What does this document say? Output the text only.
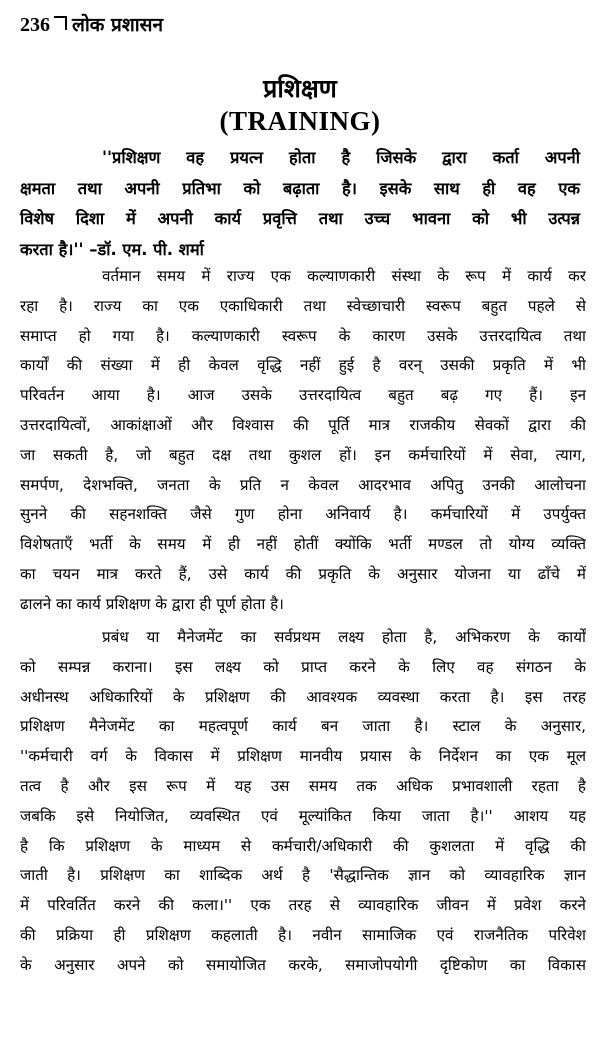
236 लोक प्रशासन
प्रशिक्षण
(TRAINING)
''प्रशिक्षण वह प्रयत्न होता है जिसके द्वारा कर्ता अपनी
क्षमता तथा अपनी प्रतिभा को बढ़ाता है। इसके साथ ही वह एक
विशेष दिशा में अपनी कार्य प्रवृत्ति तथा उच्च भावना को भी उत्पन्न
करता है।'' –डॉ. एम. पी. शर्मा
वर्तमान समय में राज्य एक कल्याणकारी संस्था के रूप में कार्य कर
रहा है। राज्य का एक एकाधिकारी तथा स्वेच्छाचारी स्वरूप बहुत पहले से
समाप्त हो गया है। कल्याणकारी स्वरूप के कारण उसके उत्तरदायित्व तथा
कार्यों की संख्या में ही केवल वृद्धि नहीं हुई है वरन् उसकी प्रकृति में भी
परिवर्तन आया है। आज उसके उत्तरदायित्व बहुत बढ़ गए हैं। इन
उत्तरदायित्वों, आकांक्षाओं और विश्वास की पूर्ति मात्र राजकीय सेवकों द्वारा की
जा सकती है, जो बहुत दक्ष तथा कुशल हों। इन कर्मचारियों में सेवा, त्याग,
समर्पण, देशभक्ति, जनता के प्रति न केवल आदरभाव अपितु उनकी आलोचना
सुनने की सहनशक्ति जैसे गुण होना अनिवार्य है। कर्मचारियों में उपर्युक्त
विशेषताएँ भर्ती के समय में ही नहीं होतीं क्योंकि भर्ती मण्डल तो योग्य व्यक्ति
का चयन मात्र करते हैं, उसे कार्य की प्रकृति के अनुसार योजना या ढाँचे में
ढालने का कार्य प्रशिक्षण के द्वारा ही पूर्ण होता है।
प्रबंध या मैनेजमेंट का सर्वप्रथम लक्ष्य होता है, अभिकरण के कार्यों
को सम्पन्न कराना। इस लक्ष्य को प्राप्त करने के लिए वह संगठन के
अधीनस्थ अधिकारियों के प्रशिक्षण की आवश्यक व्यवस्था करता है। इस तरह
प्रशिक्षण मैनेजमेंट का महत्वपूर्ण कार्य बन जाता है। स्टाल के अनुसार,
''कर्मचारी वर्ग के विकास में प्रशिक्षण मानवीय प्रयास के निर्देशन का एक मूल
तत्व है और इस रूप में यह उस समय तक अधिक प्रभावशाली रहता है
जबकि इसे नियोजित, व्यवस्थित एवं मूल्यांकित किया जाता है।'' आशय यह
है कि प्रशिक्षण के माध्यम से कर्मचारी/अधिकारी की कुशलता में वृद्धि की
जाती है। प्रशिक्षण का शाब्दिक अर्थ है 'सैद्धान्तिक ज्ञान को व्यावहारिक ज्ञान
में परिवर्तित करने की कला।'' एक तरह से व्यावहारिक जीवन में प्रवेश करने
की प्रक्रिया ही प्रशिक्षण कहलाती है। नवीन सामाजिक एवं राजनैतिक परिवेश
के अनुसार अपने को समायोजित करके, समाजोपयोगी दृष्टिकोण का विकास
